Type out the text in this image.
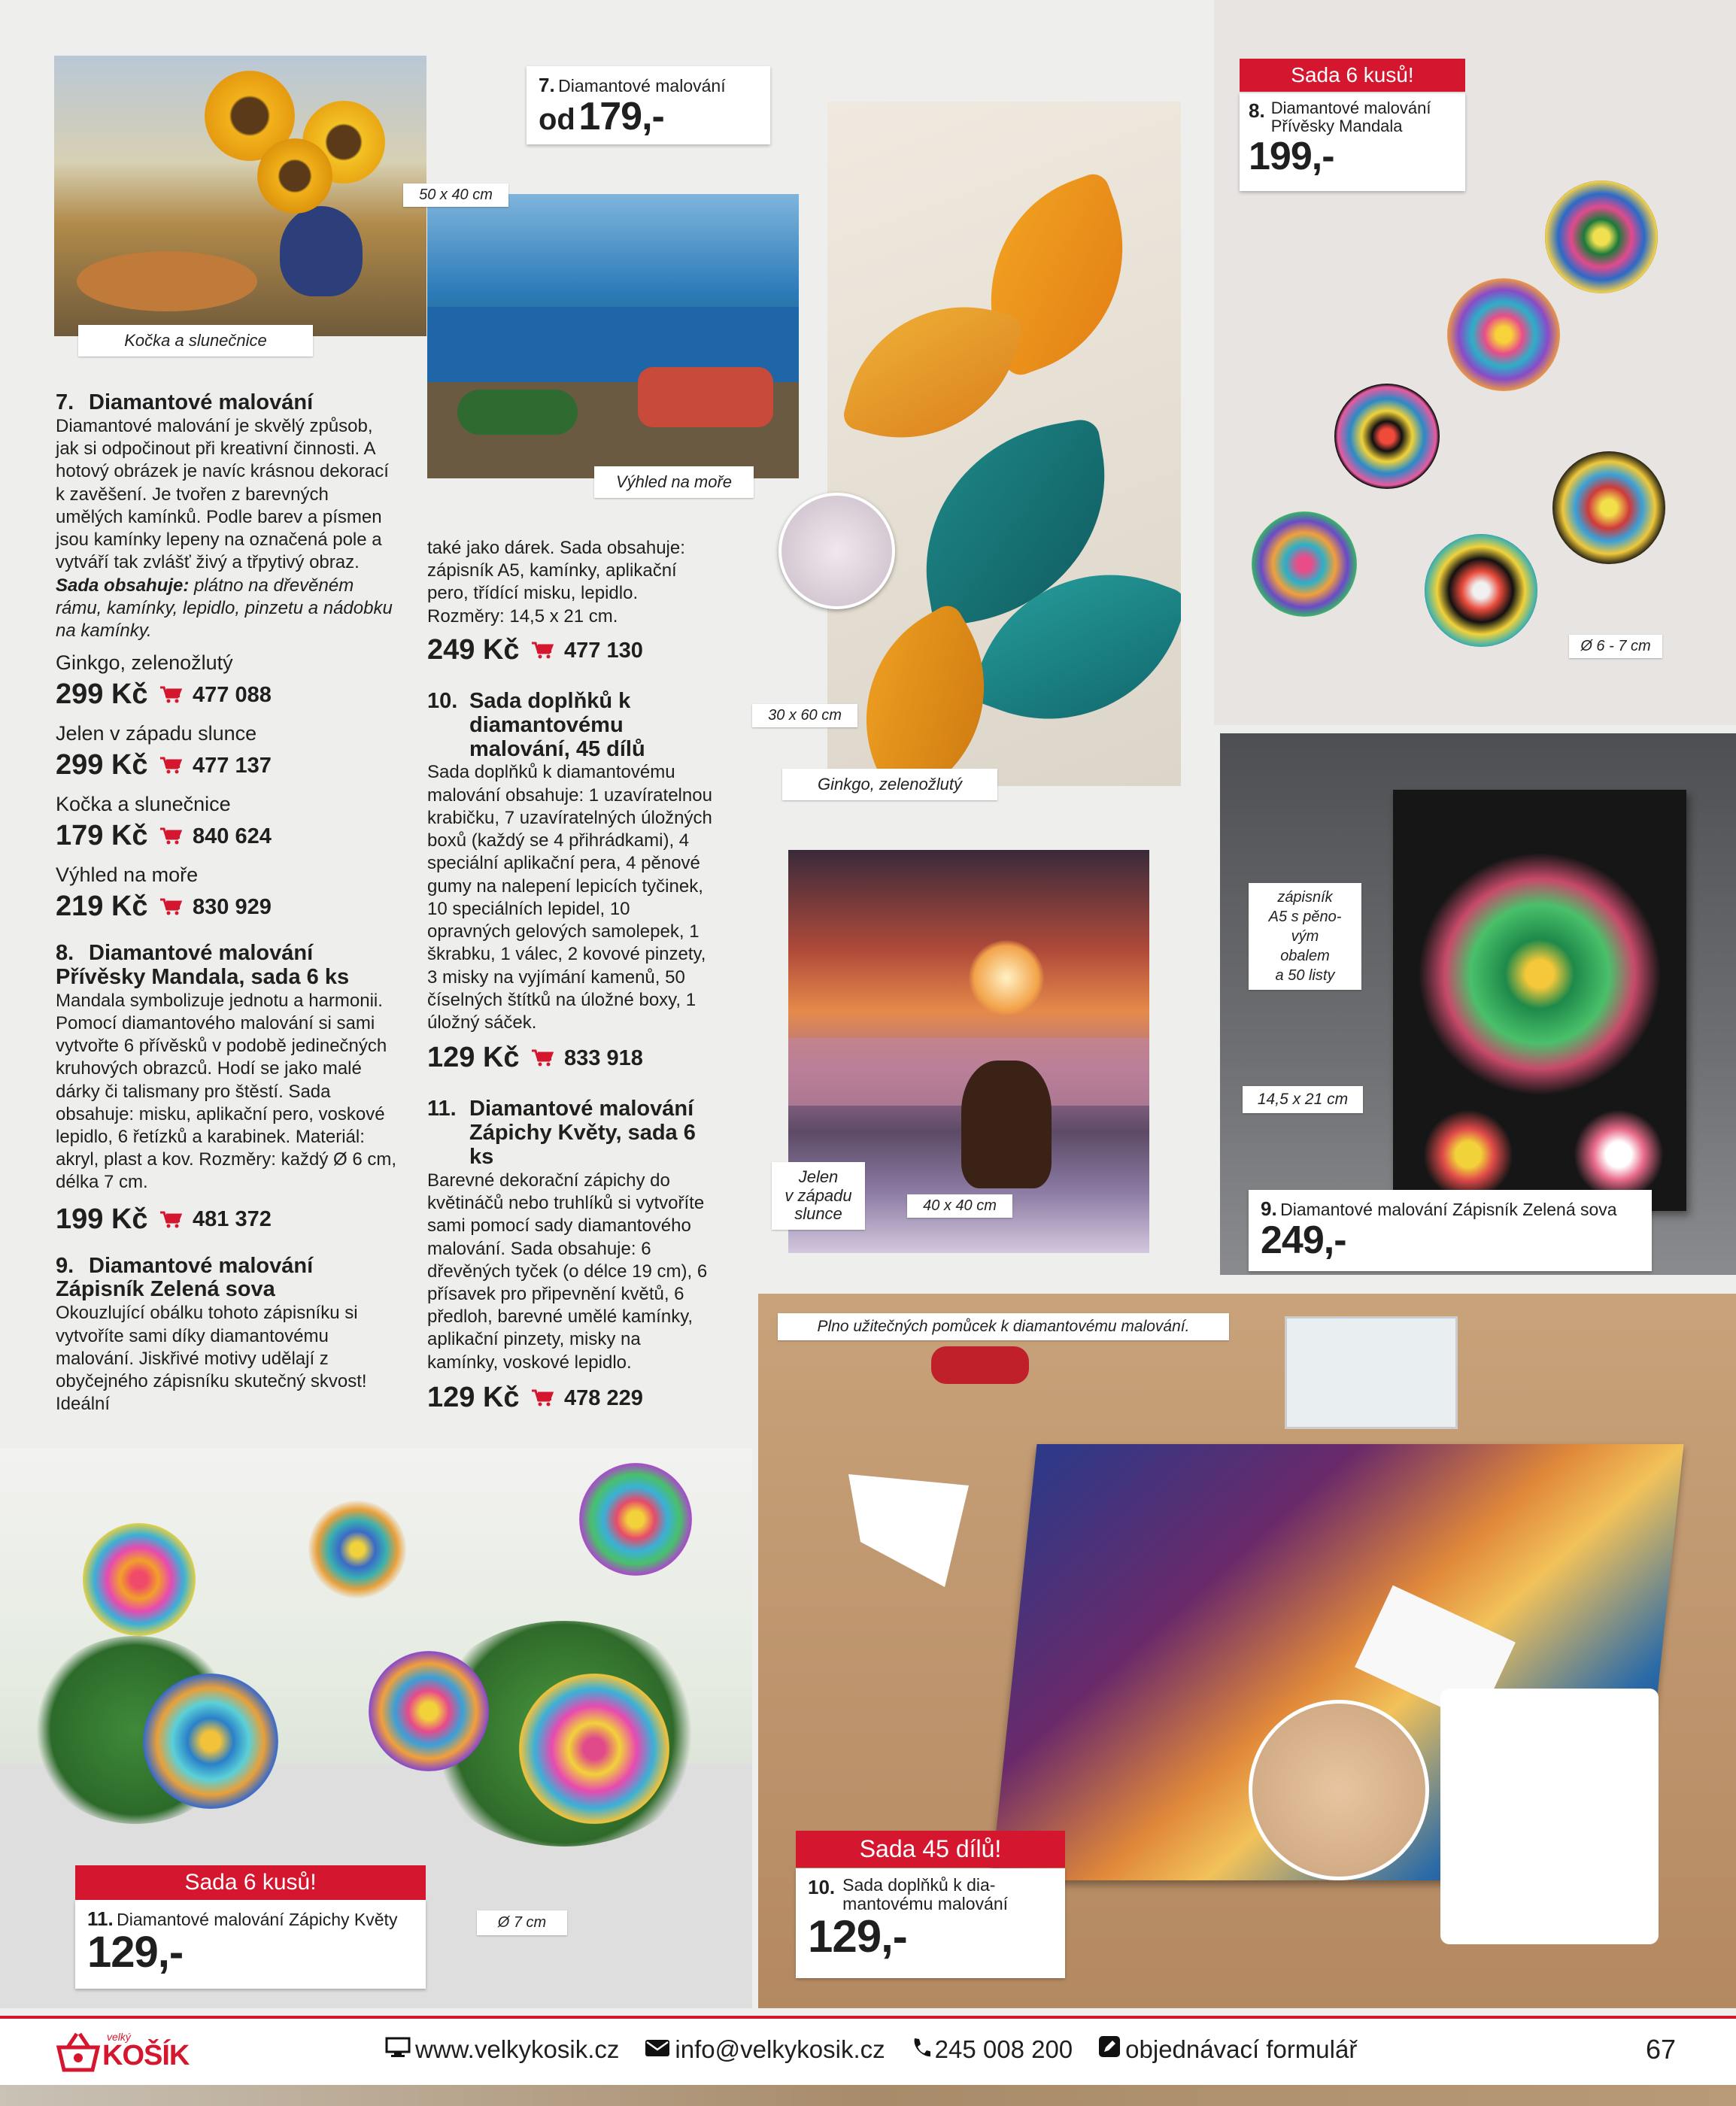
Kočka a slunečnice
50 x 40 cm
Výhled na moře
30 x 60 cm
Ginkgo, zelenožlutý
Jelen
v západu
slunce	40 x 40 cm
Ø 6 - 7 cm
zápisník
A5 s pěno-
vým
obalem
a 50 listy
14,5 x 21 cm
Plno užitečných pomůcek k diamantovému malování.
Ø 7 cm
7. Diamantové malování
od 179,-
Sada 6 kusů!
8. Diamantové malování
Přívěsky Mandala
199,-
9. Diamantové malování Zápisník Zelená sova
249,-
Sada 45 dílů!
10. Sada doplňků k dia-
mantovému malování
129,-
Sada 6 kusů!
11. Diamantové malování Zápichy Květy
129,-
7. Diamantové malování

Diamantové malování je skvělý způsob, jak si odpočinout při kreativní činnosti. A hotový obrázek je navíc krásnou dekorací k zavěšení. Je tvořen z barevných umělých kamínků. Podle barev a písmen jsou kamínky lepeny na označená pole a vytváří tak zvlášť živý a třpytivý obraz.

Sada obsahuje: plátno na dřevěném rámu, kamínky, lepidlo, pinzetu a nádobku na kamínky.

Ginkgo, zelenožlutý
299 Kč	477 088
Jelen v západu slunce
299 Kč	477 137
Kočka a slunečnice
179 Kč	840 624
Výhled na moře
219 Kč	830 929
8. Diamantové malování Přívěsky Mandala, sada 6 ks

Mandala symbolizuje jednotu a harmonii. Pomocí diamantového malování si sami vytvořte 6 přívěsků v podobě jedinečných kruhových obrazců. Hodí se jako malé dárky či talismany pro štěstí. Sada obsahuje: misku, aplikační pero, voskové lepidlo, 6 řetízků a karabinek. Materiál: akryl, plast a kov. Rozměry: každý Ø 6 cm, délka 7 cm.

199 Kč	481 372
9. Diamantové malování Zápisník Zelená sova

Okouzlující obálku tohoto zápisníku si vytvoříte sami díky diamantovému malování. Jiskřivé motivy udělají z obyčejného zápisníku skutečný skvost! Ideální

také jako dárek. Sada obsahuje: zápisník A5, kamínky, aplikační pero, třídící misku, lepidlo. Rozměry: 14,5 x 21 cm.

249 Kč	477 130
10. Sada doplňků k diamantovému malování, 45 dílů

Sada doplňků k diamantovému malování obsahuje: 1 uzavíratelnou krabičku, 7 uzavíratelných úložných boxů (každý se 4 přihrádkami), 4 speciální aplikační pera, 4 pěnové gumy na nalepení lepicích tyčinek, 10 speciálních lepidel, 10 opravných gelových samolepek, 1 škrabku, 1 válec, 2 kovové pinzety, 3 misky na vyjímání kamenů, 50 číselných štítků na úložné boxy, 1 úložný sáček.

129 Kč	833 918
11. Diamantové malování Zápichy Květy, sada 6 ks

Barevné dekorační zápichy do květináčů nebo truhlíků si vytvoříte sami pomocí sady diamantového malování. Sada obsahuje: 6 dřevěných tyček (o délce 19 cm), 6 přísavek pro připevnění květů, 6 předloh, barevné umělé kamínky, aplikační pinzety, misky na kamínky, voskové lepidlo.

129 Kč	478 229
velký
KOŠÍK	www.velkykosik.cz	info@velkykosik.cz	245 008 200	objednávací formulář	67
